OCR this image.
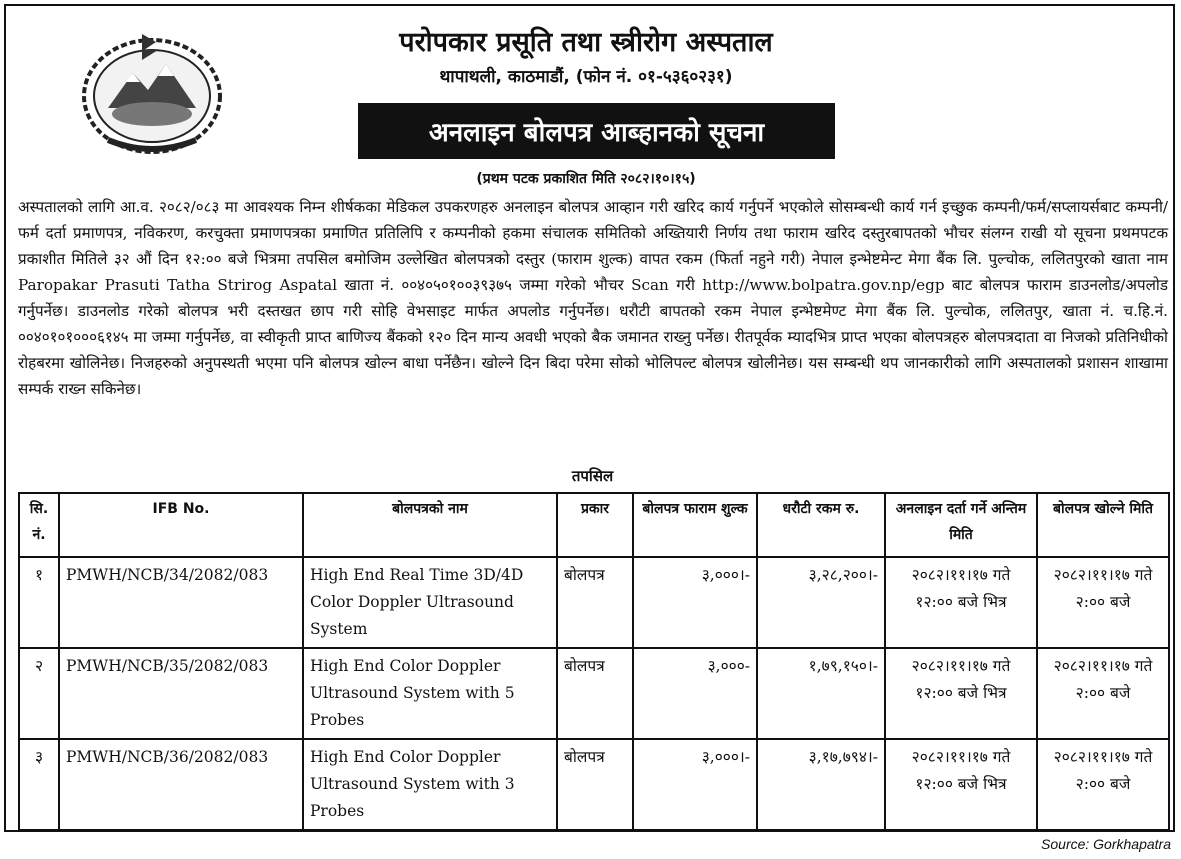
परोपकार प्रसूति तथा स्त्रीरोग अस्पताल
थापाथली, काठमाडौं, (फोन नं. ०१-५३६०२३१)
अनलाइन बोलपत्र आब्हानको सूचना
(प्रथम पटक प्रकाशित मिति २०८२।१०।१५)
अस्पतालको लागि आ.व. २०८२/०८३ मा आवश्यक निम्न शीर्षकका मेडिकल उपकरणहरु अनलाइन बोलपत्र आव्हान गरी खरिद कार्य गर्नुपर्ने भएकोले सोसम्बन्धी कार्य गर्न इच्छुक कम्पनी/फर्म/सप्लायर्सबाट कम्पनी/फर्म दर्ता प्रमाणपत्र, नविकरण, करचुक्ता प्रमाणपत्रका प्रमाणित प्रतिलिपि र कम्पनीको हकमा संचालक समितिको अख्तियारी निर्णय तथा फाराम खरिद दस्तुरबापतको भौचर संलग्न राखी यो सूचना प्रथमपटक प्रकाशीत मितिले ३२ औं दिन १२:०० बजे भित्रमा तपसिल बमोजिम उल्लेखित बोलपत्रको दस्तुर (फाराम शुल्क) वापत रकम (फिर्ता नहुने गरी) नेपाल इन्भेष्टमेन्ट मेगा बैंक लि. पुल्चोक, ललितपुरको खाता नाम Paropakar Prasuti Tatha Strirog Aspatal खाता नं. ००४०५०१००३९३७५ जम्मा गरेको भौचर Scan गरी http://www.bolpatra.gov.np/egp बाट बोलपत्र फाराम डाउनलोड/अपलोड गर्नुपर्नेछ। डाउनलोड गरेको बोलपत्र भरी दस्तखत छाप गरी सोहि वेभसाइट मार्फत अपलोड गर्नुपर्नेछ। धरौटी बापतको रकम नेपाल इन्भेष्टमेण्ट मेगा बैंक लि. पुल्चोक, ललितपुर, खाता नं. च.हि.नं. ००४०१०१०००६१४५ मा जम्मा गर्नुपर्नेछ, वा स्वीकृती प्राप्त बाणिज्य बैंकको १२० दिन मान्य अवधी भएको बैक जमानत राख्नु पर्नेछ। रीतपूर्वक म्यादभित्र प्राप्त भएका बोलपत्रहरु बोलपत्रदाता वा निजको प्रतिनिधीको रोहबरमा खोलिनेछ। निजहरुको अनुपस्थती भएमा पनि बोलपत्र खोल्न बाधा पर्नेछैन। खोल्ने दिन बिदा परेमा सोको भोलिपल्ट बोलपत्र खोलीनेछ। यस सम्बन्धी थप जानकारीको लागि अस्पतालको प्रशासन शाखामा सम्पर्क राख्न सकिनेछ।
तपसिल
सि. नं.	IFB No.	बोलपत्रको नाम	प्रकार	बोलपत्र फाराम शुल्क	धरौटी रकम रु.	अनलाइन दर्ता गर्ने अन्तिम मिति	बोलपत्र खोल्ने मिति
१	PMWH/NCB/34/2082/083	High End Real Time 3D/4D Color Doppler Ultrasound System	बोलपत्र	३,०००।-	३,२८,२००।-	२०८२।११।१७ गते १२:०० बजे भित्र	२०८२।११।१७ गते २:०० बजे
२	PMWH/NCB/35/2082/083	High End Color Doppler Ultrasound System with 5 Probes	बोलपत्र	३,०००-	१,७९,१५०।-	२०८२।११।१७ गते १२:०० बजे भित्र	२०८२।११।१७ गते २:०० बजे
३	PMWH/NCB/36/2082/083	High End Color Doppler Ultrasound System with 3 Probes	बोलपत्र	३,०००।-	३,१७,७९४।-	२०८२।११।१७ गते १२:०० बजे भित्र	२०८२।११।१७ गते २:०० बजे
Source: Gorkhapatra
